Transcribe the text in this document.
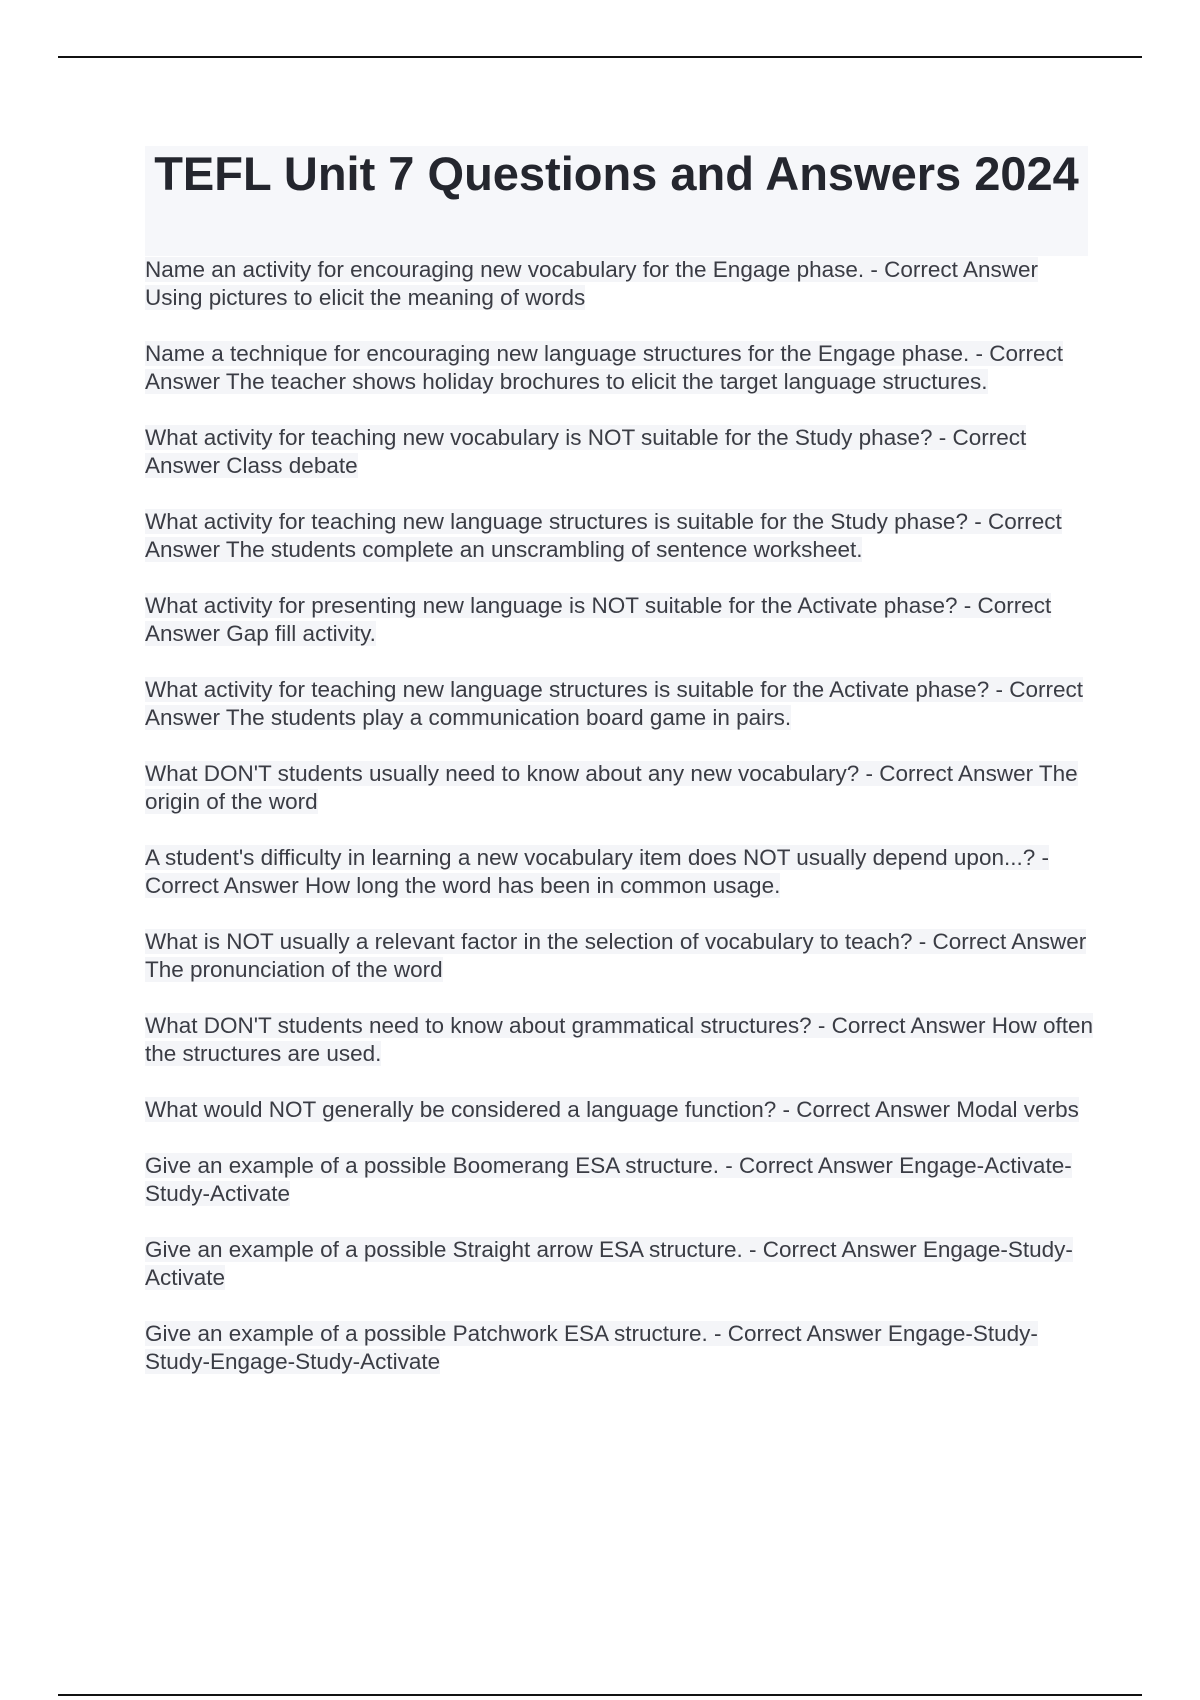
TEFL Unit 7 Questions and Answers 2024

Name an activity for encouraging new vocabulary for the Engage phase. - Correct Answer Using pictures to elicit the meaning of words

Name a technique for encouraging new language structures for the Engage phase. - Correct Answer The teacher shows holiday brochures to elicit the target language structures.

What activity for teaching new vocabulary is NOT suitable for the Study phase? - Correct Answer Class debate

What activity for teaching new language structures is suitable for the Study phase? - Correct Answer The students complete an unscrambling of sentence worksheet.

What activity for presenting new language is NOT suitable for the Activate phase? - Correct Answer Gap fill activity.

What activity for teaching new language structures is suitable for the Activate phase? - Correct Answer The students play a communication board game in pairs.

What DON'T students usually need to know about any new vocabulary? - Correct Answer The origin of the word

A student's difficulty in learning a new vocabulary item does NOT usually depend upon...? - Correct Answer How long the word has been in common usage.

What is NOT usually a relevant factor in the selection of vocabulary to teach? - Correct Answer The pronunciation of the word

What DON'T students need to know about grammatical structures? - Correct Answer How often the structures are used.

What would NOT generally be considered a language function? - Correct Answer Modal verbs

Give an example of a possible Boomerang ESA structure. - Correct Answer Engage-Activate-Study-Activate

Give an example of a possible Straight arrow ESA structure. - Correct Answer Engage-Study-Activate

Give an example of a possible Patchwork ESA structure. - Correct Answer Engage-Study-Study-Engage-Study-Activate
